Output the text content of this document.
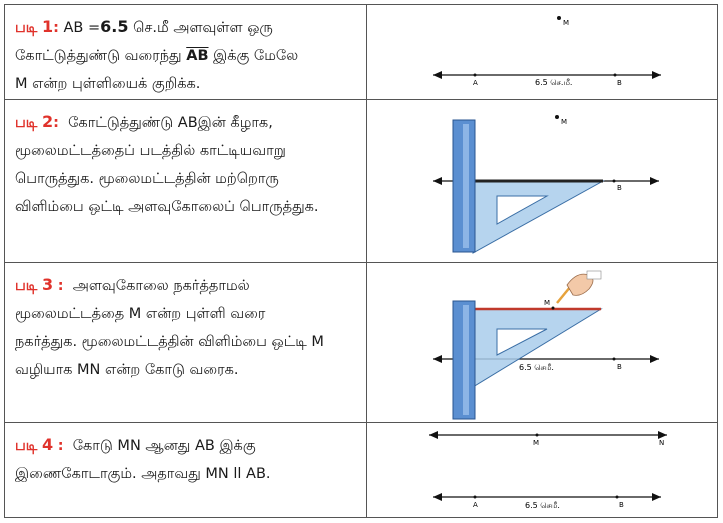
படி 1: AB =6.5 செ.மீ அளவுள்ள ஒரு
கோட்டுத்துண்டு வரைந்து $\overline{AB}$ இக்கு மேலே
M என்ற புள்ளியைக் குறிக்க.
M
A	B
6.5 செ.மீ.
படி 2: கோட்டுத்துண்டு ABஇன் கீழாக,
மூலைமட்டத்தைப் படத்தில் காட்டியவாறு
பொருத்துக. மூலைமட்டத்தின் மற்றொரு
விளிம்பை ஒட்டி அளவுகோலைப் பொருத்துக.
M
B
படி 3 : அளவுகோலை நகர்த்தாமல்
மூலைமட்டத்தை M என்ற புள்ளி வரை
நகர்த்துக. மூலைமட்டத்தின் விளிம்பை ஒட்டி M
வழியாக MN என்ற கோடு வரைக.	B
6.5 செமீ.
M
படி 4 : கோடு MN ஆனது AB இக்கு
இணைகோடாகும். அதாவது MN ll AB.
M	N
A	B
6.5 செமீ.
